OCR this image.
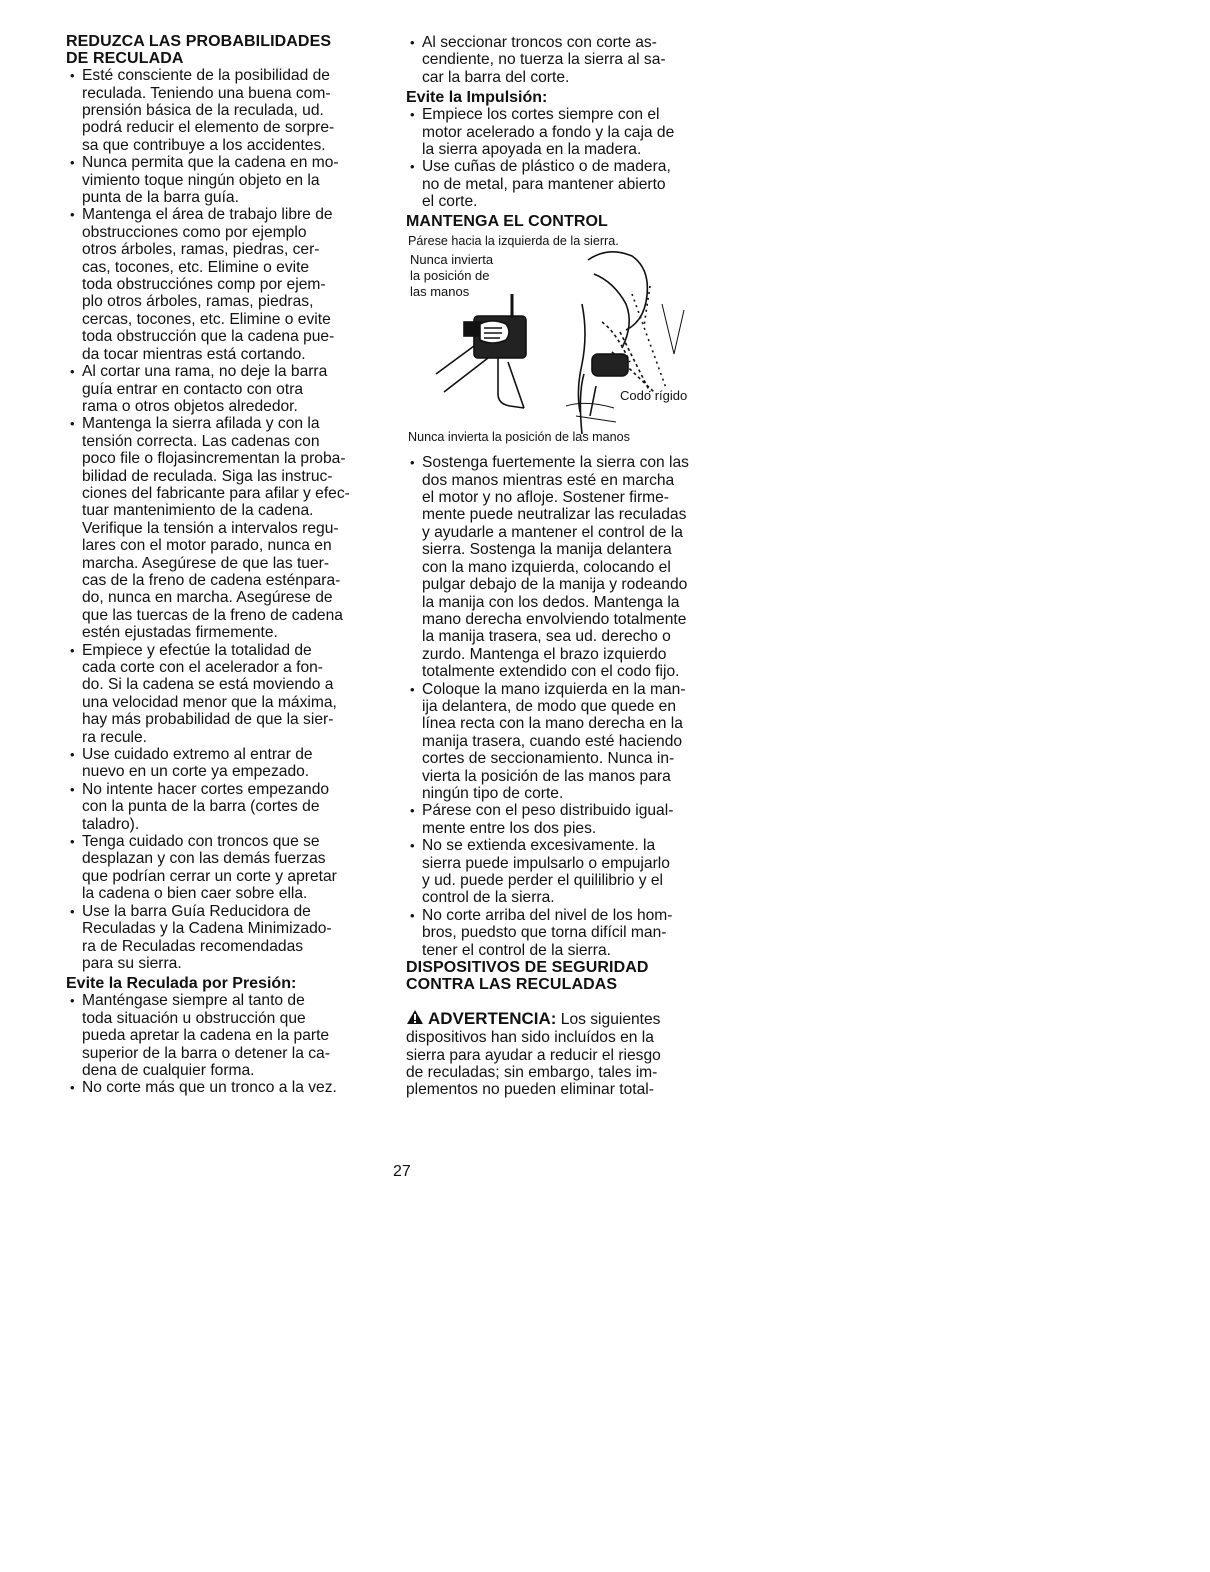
REDUZCA LAS PROBABILIDADES
DE RECULADA
• Esté consciente de la posibilidad de
reculada. Teniendo una buena com-
prensión básica de la reculada, ud.
podrá reducir el elemento de sorpre-
sa que contribuye a los accidentes.
• Nunca permita que la cadena en mo-
vimiento toque ningún objeto en la
punta de la barra guía.
• Mantenga el área de trabajo libre de
obstrucciones como por ejemplo
otros árboles, ramas, piedras, cer-
cas, tocones, etc. Elimine o evite
toda obstrucciónes comp por ejem-
plo otros árboles, ramas, piedras,
cercas, tocones, etc. Elimine o evite
toda obstrucción que la cadena pue-
da tocar mientras está cortando.
• Al cortar una rama, no deje la barra
guía entrar en contacto con otra
rama o otros objetos alrededor.
• Mantenga la sierra afilada y con la
tensión correcta. Las cadenas con
poco file o flojasincrementan la proba-
bilidad de reculada. Siga las instruc-
ciones del fabricante para afilar y efec-
tuar mantenimiento de la cadena.
Verifique la tensión a intervalos regu-
lares con el motor parado, nunca en
marcha. Asegúrese de que las tuer-
cas de la freno de cadena esténpara-
do, nunca en marcha. Asegúrese de
que las tuercas de la freno de cadena
estén ejustadas firmemente.
• Empiece y efectúe la totalidad de
cada corte con el acelerador a fon-
do. Si la cadena se está moviendo a
una velocidad menor que la máxima,
hay más probabilidad de que la sier-
ra recule.
• Use cuidado extremo al entrar de
nuevo en un corte ya empezado.
• No intente hacer cortes empezando
con la punta de la barra (cortes de
taladro).
• Tenga cuidado con troncos que se
desplazan y con las demás fuerzas
que podrían cerrar un corte y apretar
la cadena o bien caer sobre ella.
• Use la barra Guía Reducidora de
Reculadas y la Cadena Minimizado-
ra de Reculadas recomendadas
para su sierra.
Evite la Reculada por Presión:
• Manténgase siempre al tanto de
toda situación u obstrucción que
pueda apretar la cadena en la parte
superior de la barra o detener la ca-
dena de cualquier forma.
• No corte más que un tronco a la vez.
• Al seccionar troncos con corte as-
cendiente, no tuerza la sierra al sa-
car la barra del corte.
Evite la Impulsión:
• Empiece los cortes siempre con el
motor acelerado a fondo y la caja de
la sierra apoyada en la madera.
• Use cuñas de plástico o de madera,
no de metal, para mantener abierto
el corte.
MANTENGA EL CONTROL
Párese hacia la izquierda de la sierra.
Nunca invierta
la posición de
las manos
Codo rígido
Nunca invierta la posición de las manos
• Sostenga fuertemente la sierra con las
dos manos mientras esté en marcha
el motor y no afloje. Sostener firme-
mente puede neutralizar las reculadas
y ayudarle a mantener el control de la
sierra. Sostenga la manija delantera
con la mano izquierda, colocando el
pulgar debajo de la manija y rodeando
la manija con los dedos. Mantenga la
mano derecha envolviendo totalmente
la manija trasera, sea ud. derecho o
zurdo. Mantenga el brazo izquierdo
totalmente extendido con el codo fijo.
• Coloque la mano izquierda en la man-
ija delantera, de modo que quede en
línea recta con la mano derecha en la
manija trasera, cuando esté haciendo
cortes de seccionamiento. Nunca in-
vierta la posición de las manos para
ningún tipo de corte.
• Párese con el peso distribuido igual-
mente entre los dos pies.
• No se extienda excesivamente. la
sierra puede impulsarlo o empujarlo
y ud. puede perder el quililibrio y el
control de la sierra.
• No corte arriba del nivel de los hom-
bros, puedsto que torna difícil man-
tener el control de la sierra.
DISPOSITIVOS DE SEGURIDAD
CONTRA LAS RECULADAS
ADVERTENCIA: Los siguientes
dispositivos han sido incluídos en la
sierra para ayudar a reducir el riesgo
de reculadas; sin embargo, tales im-
plementos no pueden eliminar total-
27
